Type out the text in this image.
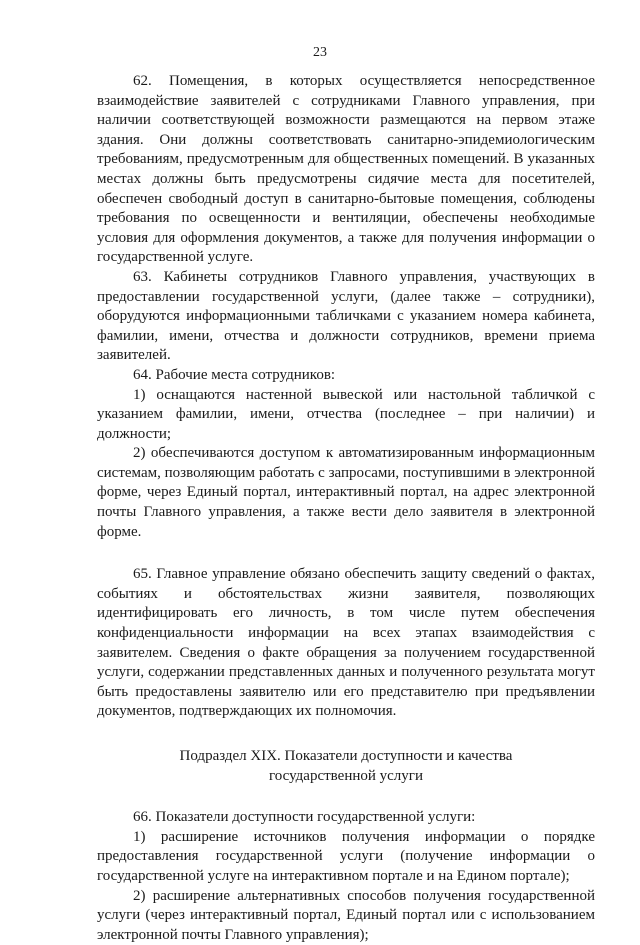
23

62. Помещения, в которых осуществляется непосредственное взаимодействие заявителей с сотрудниками Главного управления, при наличии соответствующей возможности размещаются на первом этаже здания. Они должны соответствовать санитарно-эпидемиологическим требованиям, предусмотренным для общественных помещений. В указанных местах должны быть предусмотрены сидячие места для посетителей, обеспечен свободный доступ в санитарно-бытовые помещения, соблюдены требования по освещенности и вентиляции, обеспечены необходимые условия для оформления документов, а также для получения информации о государственной услуге.

63. Кабинеты сотрудников Главного управления, участвующих в предоставлении государственной услуги, (далее также – сотрудники), оборудуются информационными табличками с указанием номера кабинета, фамилии, имени, отчества и должности сотрудников, времени приема заявителей.

64. Рабочие места сотрудников:

1) оснащаются настенной вывеской или настольной табличкой с указанием фамилии, имени, отчества (последнее – при наличии) и должности;

2) обеспечиваются доступом к автоматизированным информационным системам, позволяющим работать с запросами, поступившими в электронной форме, через Единый портал, интерактивный портал, на адрес электронной почты Главного управления, а также вести дело заявителя в электронной форме.

65. Главное управление обязано обеспечить защиту сведений о фактах, событиях и обстоятельствах жизни заявителя, позволяющих идентифицировать его личность, в том числе путем обеспечения конфиденциальности информации на всех этапах взаимодействия с заявителем. Сведения о факте обращения за получением государственной услуги, содержании представленных данных и полученного результата могут быть предоставлены заявителю или его представителю при предъявлении документов, подтверждающих их полномочия.

Подраздел XIX. Показатели доступности и качества
государственной услуги

66. Показатели доступности государственной услуги:

1) расширение источников получения информации о порядке предоставления государственной услуги (получение информации о государственной услуге на интерактивном портале и на Едином портале);

2) расширение альтернативных способов получения государственной услуги (через интерактивный портал, Единый портал или с использованием электронной почты Главного управления);
